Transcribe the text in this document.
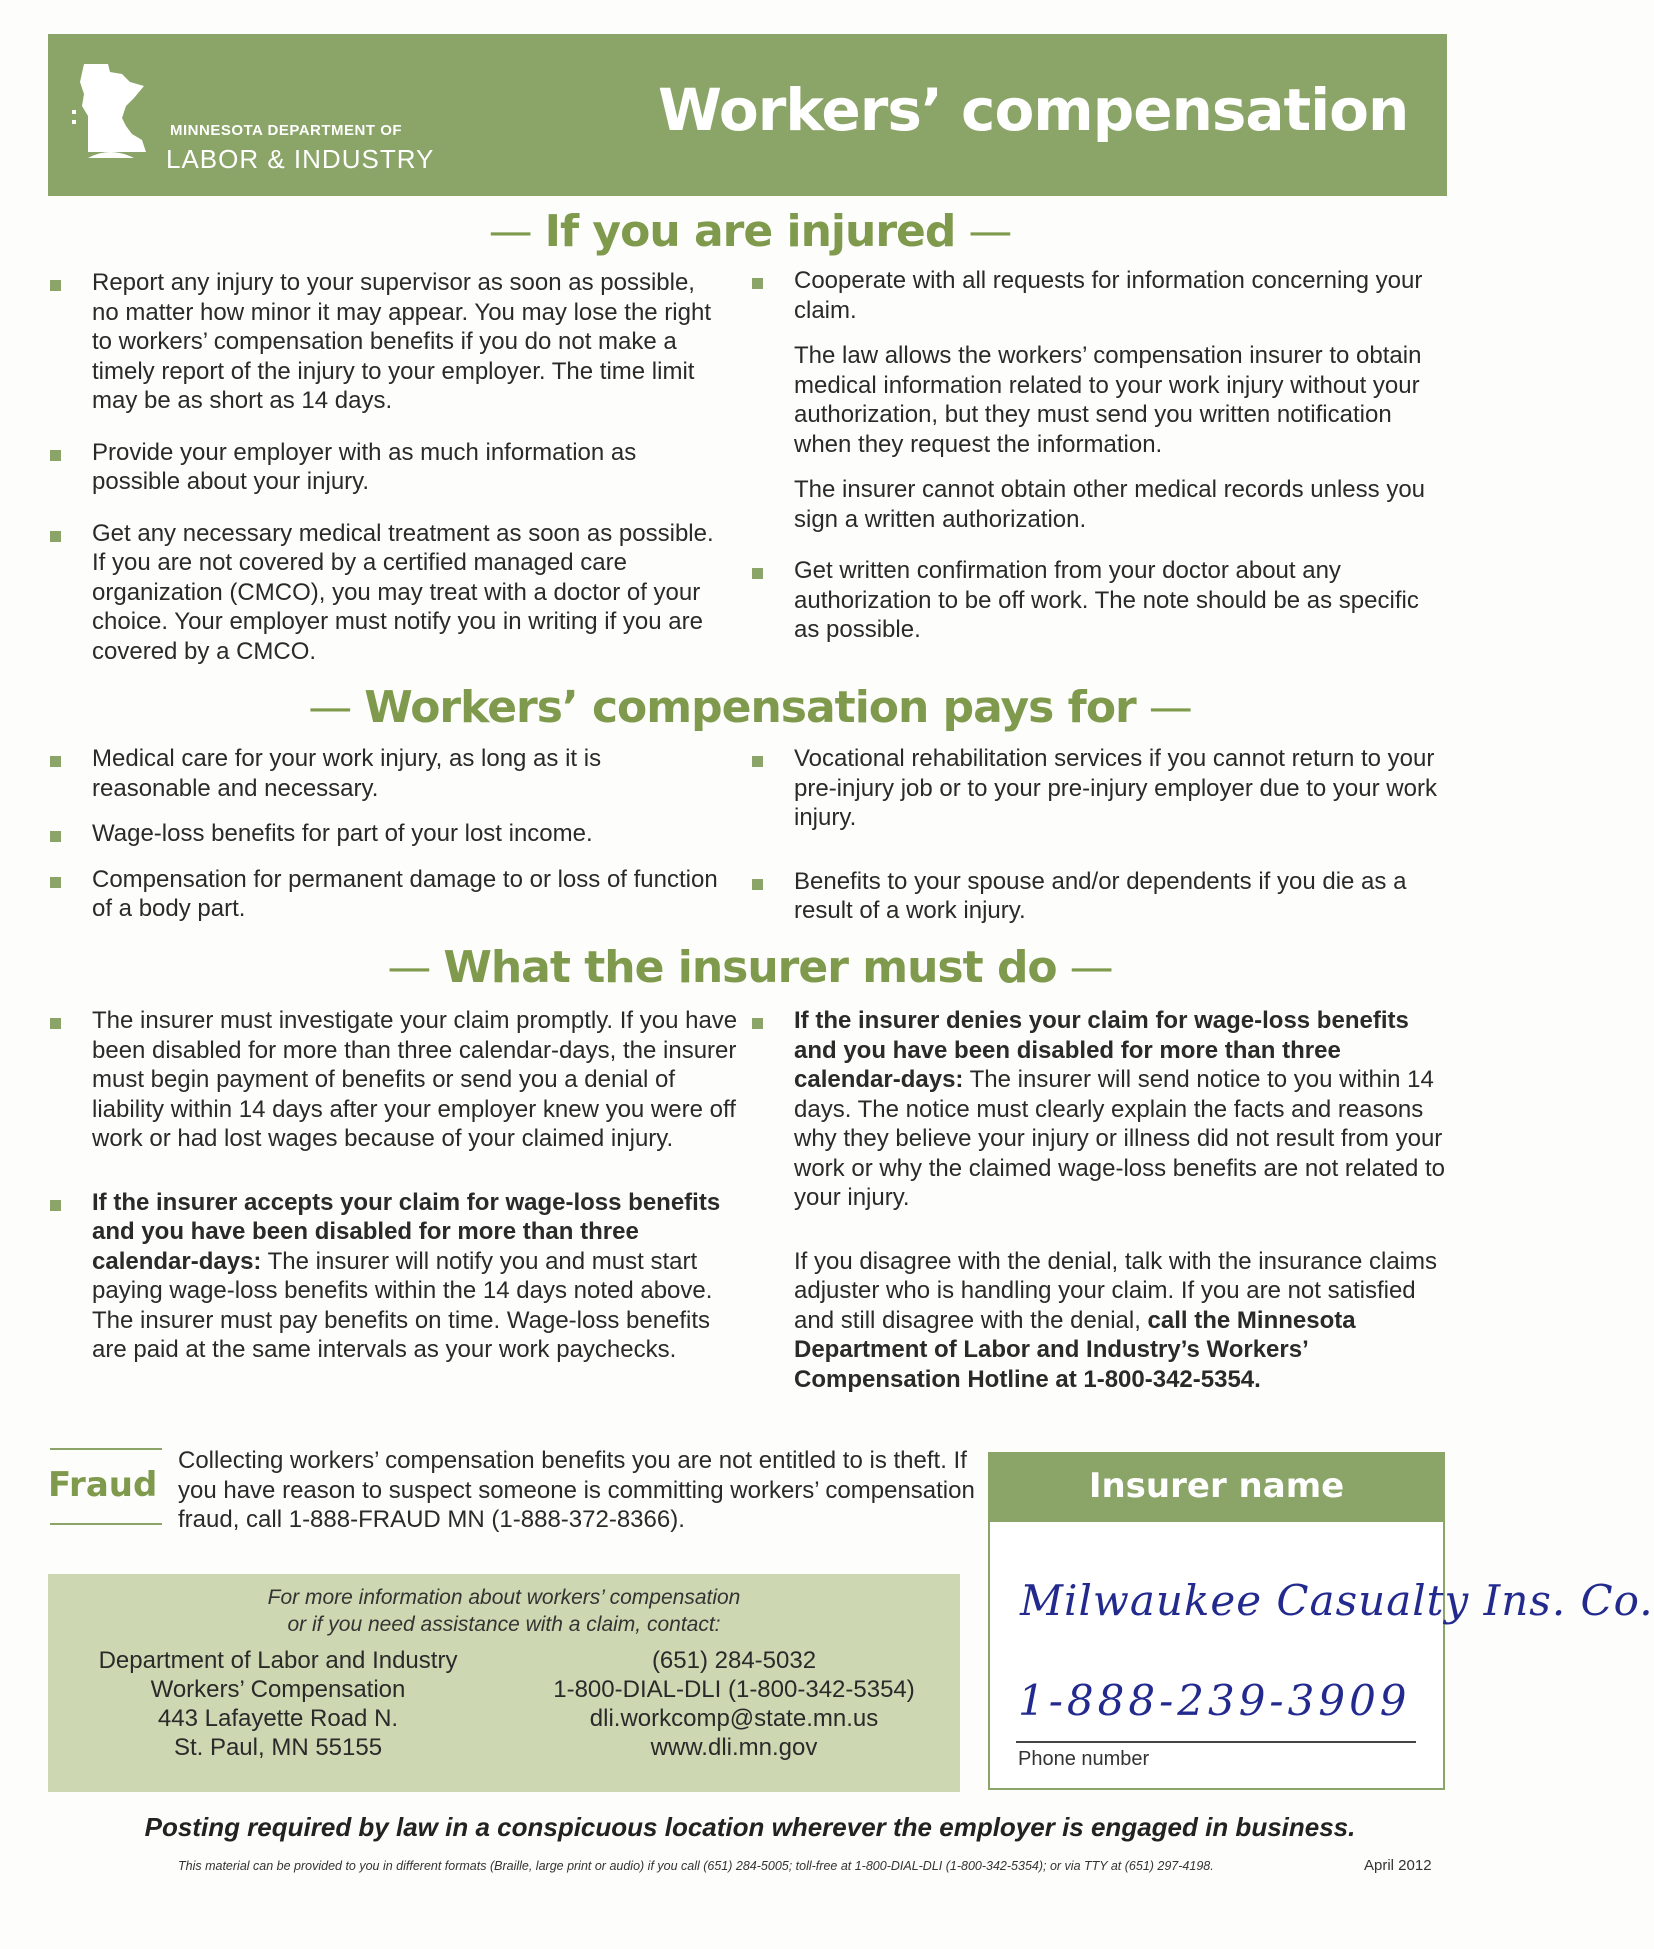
MINNESOTA DEPARTMENT OF
LABOR & INDUSTRY
Workers’ compensation
— If you are injured —
Report any injury to your supervisor as soon as possible, no matter how minor it may appear. You may lose the right to workers’ compensation benefits if you do not make a timely report of the injury to your employer. The time limit may be as short as 14 days.
Provide your employer with as much information as possible about your injury.
Get any necessary medical treatment as soon as possible. If you are not covered by a certified managed care organization (CMCO), you may treat with a doctor of your choice. Your employer must notify you in writing if you are covered by a CMCO.
Cooperate with all requests for information concerning your claim.
The law allows the workers’ compensation insurer to obtain medical information related to your work injury without your authorization, but they must send you written notification when they request the information.
The insurer cannot obtain other medical records unless you sign a written authorization.
Get written confirmation from your doctor about any authorization to be off work. The note should be as specific as possible.
— Workers’ compensation pays for —
Medical care for your work injury, as long as it is reasonable and necessary.
Wage-loss benefits for part of your lost income.
Compensation for permanent damage to or loss of function of a body part.
Vocational rehabilitation services if you cannot return to your pre-injury job or to your pre-injury employer due to your work injury.
Benefits to your spouse and/or dependents if you die as a result of a work injury.
— What the insurer must do —
The insurer must investigate your claim promptly. If you have been disabled for more than three calendar-days, the insurer must begin payment of benefits or send you a denial of liability within 14 days after your employer knew you were off work or had lost wages because of your claimed injury.
If the insurer accepts your claim for wage-loss benefits and you have been disabled for more than three calendar-days: The insurer will notify you and must start paying wage-loss benefits within the 14 days noted above. The insurer must pay benefits on time. Wage-loss benefits are paid at the same intervals as your work paychecks.
If the insurer denies your claim for wage-loss benefits and you have been disabled for more than three calendar-days: The insurer will send notice to you within 14 days. The notice must clearly explain the facts and reasons why they believe your injury or illness did not result from your work or why the claimed wage-loss benefits are not related to your injury.
If you disagree with the denial, talk with the insurance claims adjuster who is handling your claim. If you are not satisfied and still disagree with the denial, call the Minnesota Department of Labor and Industry’s Workers’ Compensation Hotline at 1-800-342-5354.
Fraud
Collecting workers’ compensation benefits you are not entitled to is theft. If you have reason to suspect someone is committing workers’ compensation fraud, call 1-888-FRAUD MN (1-888-372-8366).
For more information about workers’ compensation
or if you need assistance with a claim, contact:
Department of Labor and Industry
Workers’ Compensation
443 Lafayette Road N.
St. Paul, MN 55155
(651) 284-5032
1-800-DIAL-DLI (1-800-342-5354)
dli.workcomp@state.mn.us
www.dli.mn.gov
Insurer name
Milwaukee Casualty Ins. Co.
1-888-239-3909
Phone number
Posting required by law in a conspicuous location wherever the employer is engaged in business.
This material can be provided to you in different formats (Braille, large print or audio) if you call (651) 284-5005; toll-free at 1-800-DIAL-DLI (1-800-342-5354); or via TTY at (651) 297-4198.	April 2012
